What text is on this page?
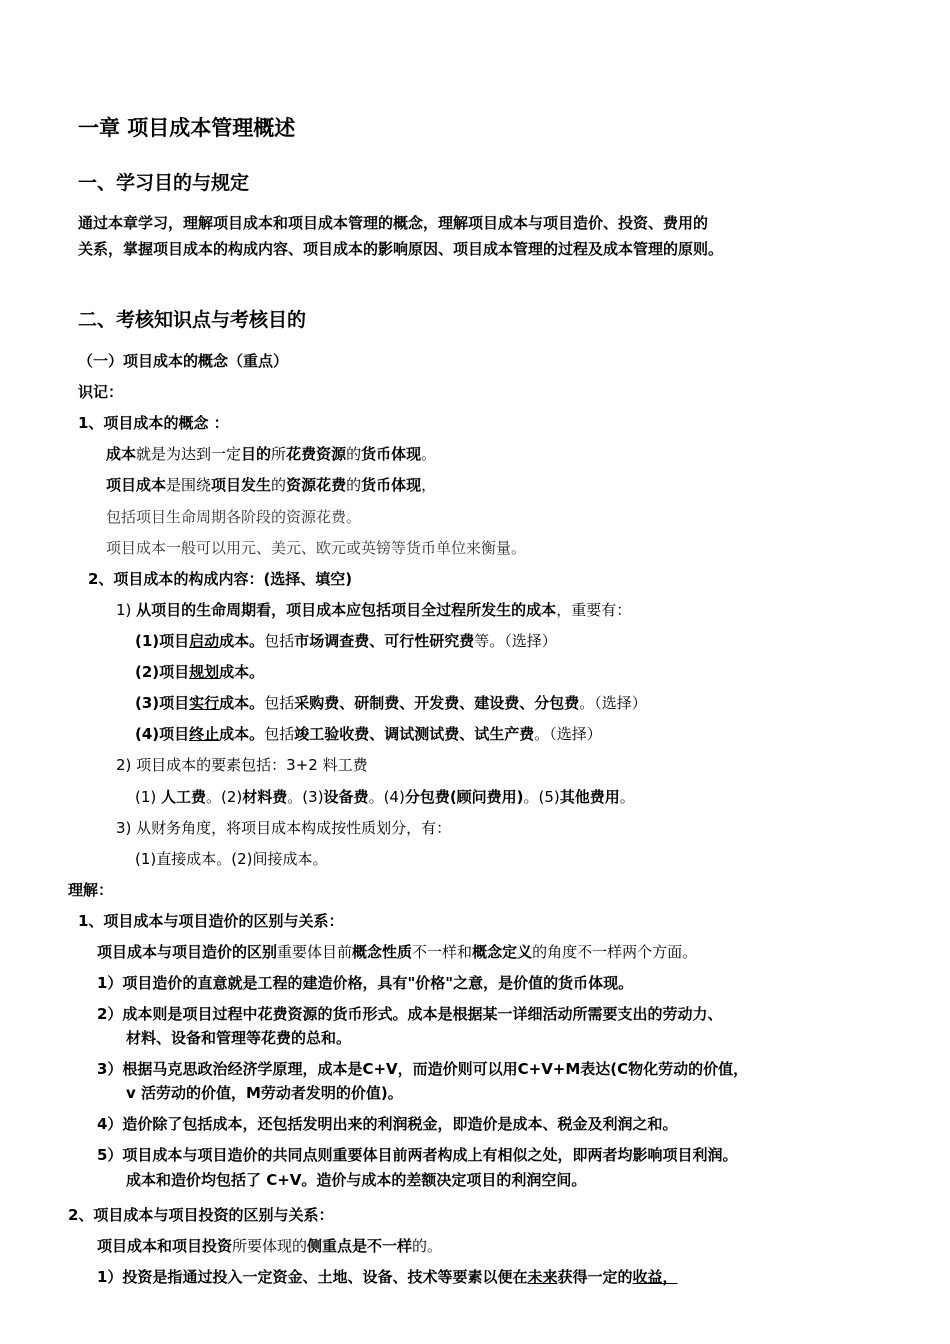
一章 项目成本管理概述
一、学习目的与规定
通过本章学习，理解项目成本和项目成本管理的概念，理解项目成本与项目造价、投资、费用的
关系，掌握项目成本的构成内容、项目成本的影响原因、项目成本管理的过程及成本管理的原则。
二、考核知识点与考核目的
（一）项目成本的概念（重点）
识记：
1、项目成本的概念 ：
成本就是为达到一定目的所花费资源的货币体现。
项目成本是围绕项目发生的资源花费的货币体现，
包括项目生命周期各阶段的资源花费。
项目成本一般可以用元、美元、欧元或英镑等货币单位来衡量。
2、项目成本的构成内容：(选择、填空)
1) 从项目的生命周期看，项目成本应包括项目全过程所发生的成本，重要有：
(1)项目启动成本。包括市场调查费、可行性研究费等。（选择）
(2)项目规划成本。
(3)项目实行成本。包括采购费、研制费、开发费、建设费、分包费。（选择）
(4)项目终止成本。包括竣工验收费、调试测试费、试生产费。（选择）
2) 项目成本的要素包括：3+2 料工费
(1) 人工费。(2)材料费。(3)设备费。(4)分包费(顾问费用)。(5)其他费用。
3) 从财务角度，将项目成本构成按性质划分，有：
(1)直接成本。(2)间接成本。
理解：
1、项目成本与项目造价的区别与关系：
项目成本与项目造价的区别重要体目前概念性质不一样和概念定义的角度不一样两个方面。
1）项目造价的直意就是工程的建造价格，具有"价格"之意，是价值的货币体现。
2）成本则是项目过程中花费资源的货币形式。成本是根据某一详细活动所需要支出的劳动力、
材料、设备和管理等花费的总和。
3）根据马克思政治经济学原理，成本是C+V，而造价则可以用C+V+M表达(C物化劳动的价值，
v 活劳动的价值，M劳动者发明的价值)。
4）造价除了包括成本，还包括发明出来的利润税金，即造价是成本、税金及利润之和。
5）项目成本与项目造价的共同点则重要体目前两者构成上有相似之处，即两者均影响项目利润。
成本和造价均包括了 C+V。造价与成本的差额决定项目的利润空间。
2、项目成本与项目投资的区别与关系：
项目成本和项目投资所要体现的侧重点是不一样的。
1）投资是指通过投入一定资金、土地、设备、技术等要素以便在未来获得一定的收益，
